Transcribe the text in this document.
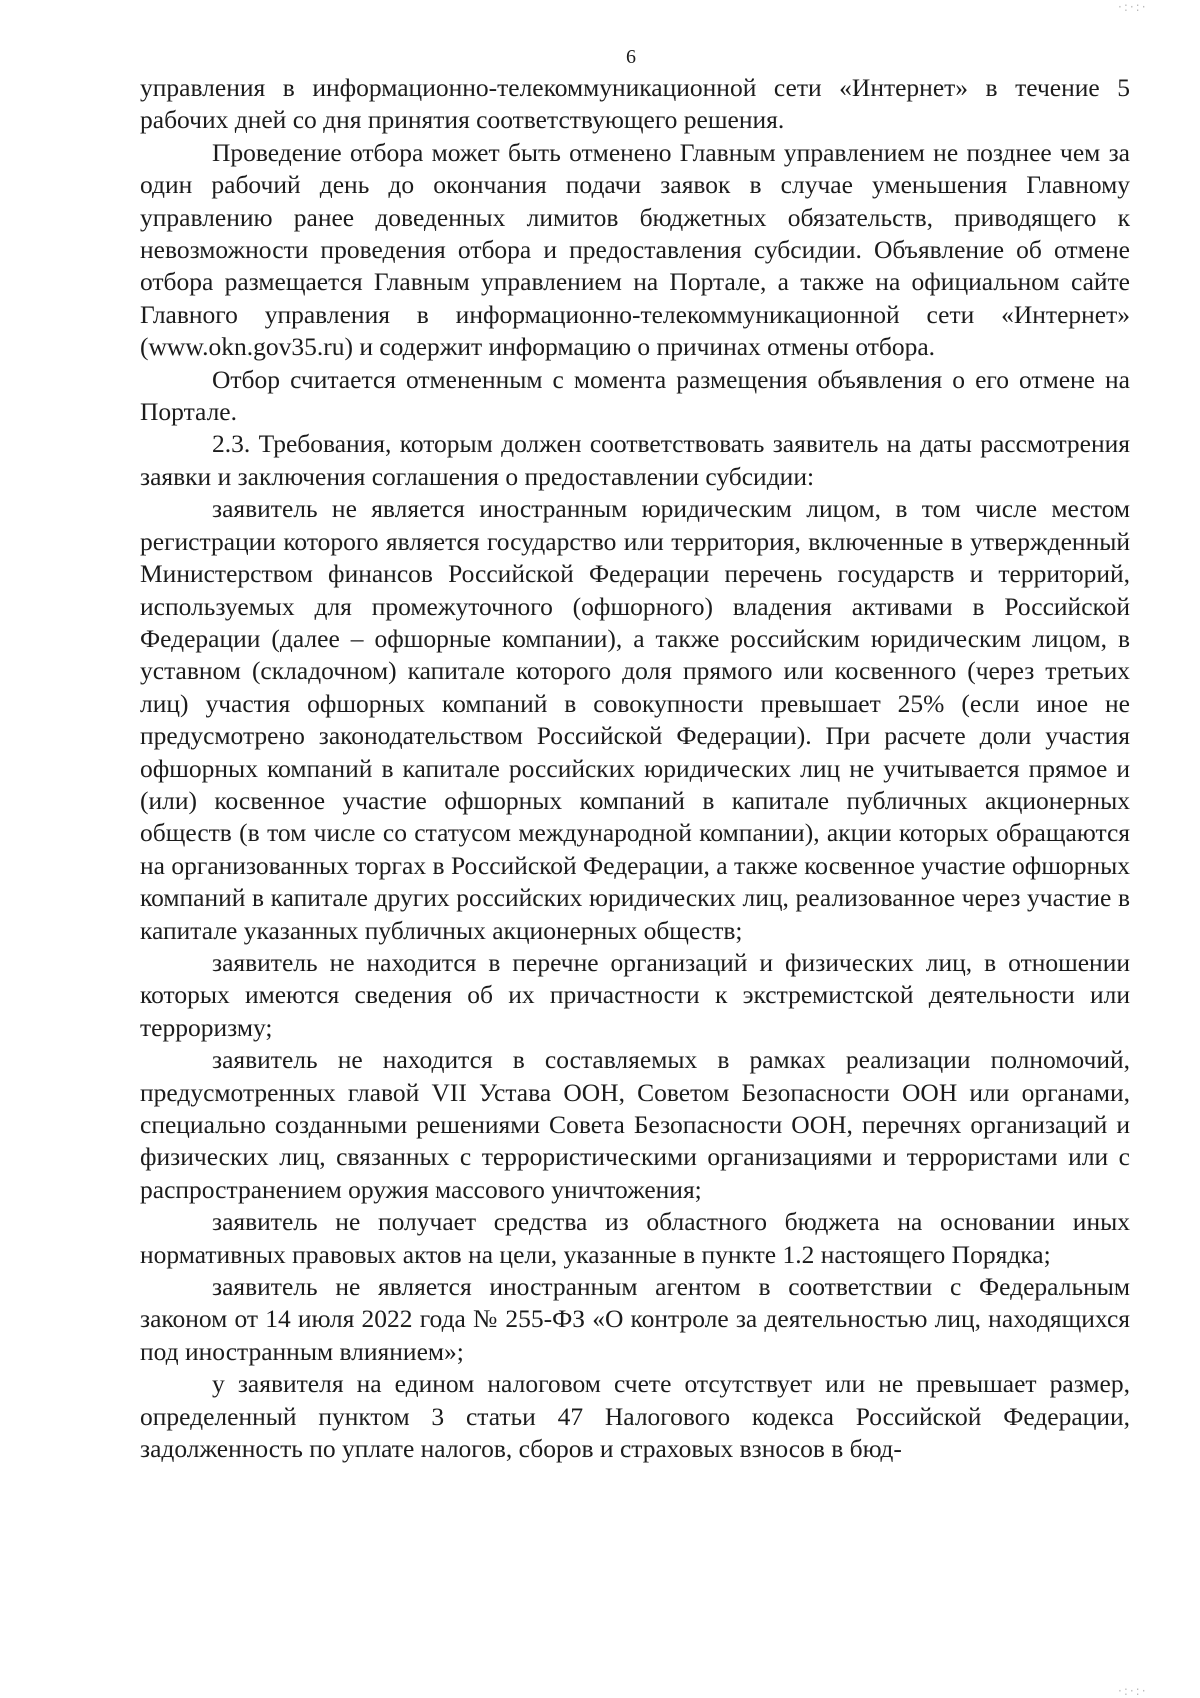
·:·:·
·:·:·
6

управления в информационно-телекоммуникационной сети «Интернет» в течение 5 рабочих дней со дня принятия соответствующего решения.

Проведение отбора может быть отменено Главным управлением не позднее чем за один рабочий день до окончания подачи заявок в случае уменьшения Главному управлению ранее доведенных лимитов бюджетных обязательств, приводящего к невозможности проведения отбора и предоставления субсидии. Объявление об отмене отбора размещается Главным управлением на Портале, а также на официальном сайте Главного управления в информационно-телекоммуникационной сети «Интернет» (www.okn.gov35.ru) и содержит информацию о причинах отмены отбора.

Отбор считается отмененным с момента размещения объявления о его отмене на Портале.

2.3. Требования, которым должен соответствовать заявитель на даты рассмотрения заявки и заключения соглашения о предоставлении субсидии:

заявитель не является иностранным юридическим лицом, в том числе местом регистрации которого является государство или территория, включенные в утвержденный Министерством финансов Российской Федерации перечень государств и территорий, используемых для промежуточного (офшорного) владения активами в Российской Федерации (далее – офшорные компании), а также российским юридическим лицом, в уставном (складочном) капитале которого доля прямого или косвенного (через третьих лиц) участия офшорных компаний в совокупности превышает 25% (если иное не предусмотрено законодательством Российской Федерации). При расчете доли участия офшорных компаний в капитале российских юридических лиц не учитывается прямое и (или) косвенное участие офшорных компаний в капитале публичных акционерных обществ (в том числе со статусом международной компании), акции которых обращаются на организованных торгах в Российской Федерации, а также косвенное участие офшорных компаний в капитале других российских юридических лиц, реализованное через участие в капитале указанных публичных акционерных обществ;

заявитель не находится в перечне организаций и физических лиц, в отношении которых имеются сведения об их причастности к экстремистской деятельности или терроризму;

заявитель не находится в составляемых в рамках реализации полномочий, предусмотренных главой VII Устава ООН, Советом Безопасности ООН или органами, специально созданными решениями Совета Безопасности ООН, перечнях организаций и физических лиц, связанных с террористическими организациями и террористами или с распространением оружия массового уничтожения;

заявитель не получает средства из областного бюджета на основании иных нормативных правовых актов на цели, указанные в пункте 1.2 настоящего Порядка;

заявитель не является иностранным агентом в соответствии с Федеральным законом от 14 июля 2022 года № 255-ФЗ «О контроле за деятельностью лиц, находящихся под иностранным влиянием»;

у заявителя на едином налоговом счете отсутствует или не превышает размер, определенный пунктом 3 статьи 47 Налогового кодекса Российской Федерации, задолженность по уплате налогов, сборов и страховых взносов в бюд-
